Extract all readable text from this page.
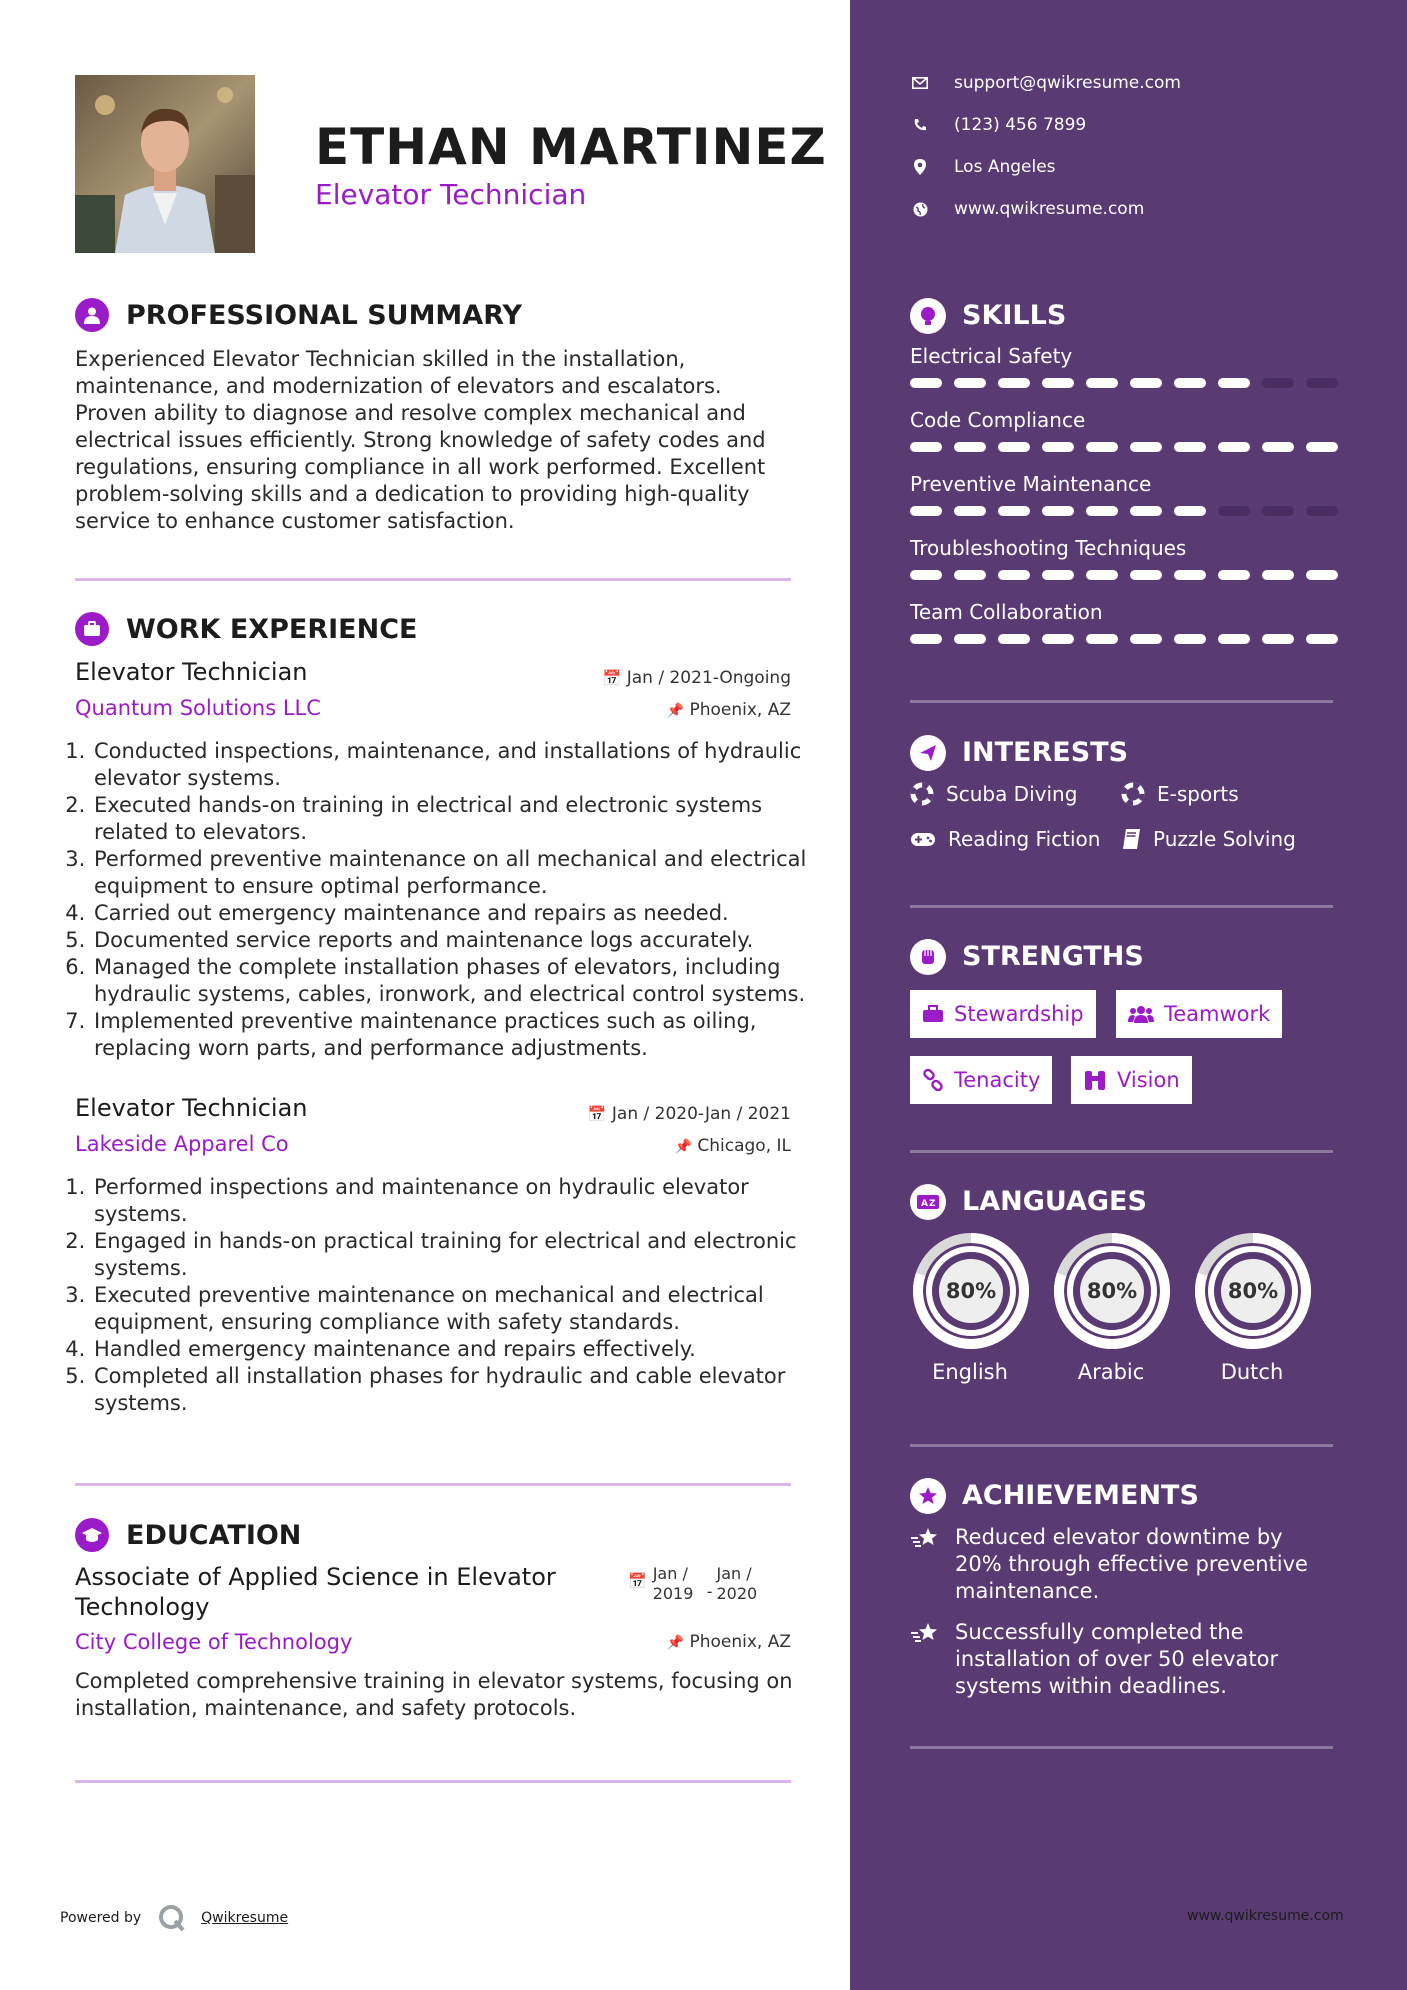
ETHAN MARTINEZ
Elevator Technician
PROFESSIONAL SUMMARY
Experienced Elevator Technician skilled in the installation, maintenance, and modernization of elevators and escalators. Proven ability to diagnose and resolve complex mechanical and electrical issues efficiently. Strong knowledge of safety codes and regulations, ensuring compliance in all work performed. Excellent problem-solving skills and a dedication to providing high-quality service to enhance customer satisfaction.
WORK EXPERIENCE
Elevator Technician	📅 Jan / 2021-Ongoing
Quantum Solutions LLC	📌 Phoenix, AZ
1. Conducted inspections, maintenance, and installations of hydraulic elevator systems.
2. Executed hands-on training in electrical and electronic systems related to elevators.
3. Performed preventive maintenance on all mechanical and electrical equipment to ensure optimal performance.
4. Carried out emergency maintenance and repairs as needed.
5. Documented service reports and maintenance logs accurately.
6. Managed the complete installation phases of elevators, including hydraulic systems, cables, ironwork, and electrical control systems.
7. Implemented preventive maintenance practices such as oiling, replacing worn parts, and performance adjustments.
Elevator Technician	📅 Jan / 2020-Jan / 2021
Lakeside Apparel Co	📌 Chicago, IL
1. Performed inspections and maintenance on hydraulic elevator systems.
2. Engaged in hands-on practical training for electrical and electronic systems.
3. Executed preventive maintenance on mechanical and electrical equipment, ensuring compliance with safety standards.
4. Handled emergency maintenance and repairs effectively.
5. Completed all installation phases for hydraulic and cable elevator systems.
EDUCATION
Associate of Applied Science in Elevator Technology
📅 Jan / 2019 -
Jan / 2020
City College of Technology	📌 Phoenix, AZ
Completed comprehensive training in elevator systems, focusing on installation, maintenance, and safety protocols.
Powered by	Qwikresume
support@qwikresume.com
(123) 456 7899
Los Angeles
www.qwikresume.com
SKILLS
Electrical Safety
Code Compliance
Preventive Maintenance
Troubleshooting Techniques
Team Collaboration
INTERESTS
Scuba Diving	E-sports
Reading Fiction	Puzzle Solving
STRENGTHS
Stewardship	Teamwork
Tenacity	Vision
A Z LANGUAGES
80%
English
80%
Arabic
80%
Dutch
ACHIEVEMENTS
Reduced elevator downtime by 20% through effective preventive maintenance.
Successfully completed the installation of over 50 elevator systems within deadlines.
www.qwikresume.com
